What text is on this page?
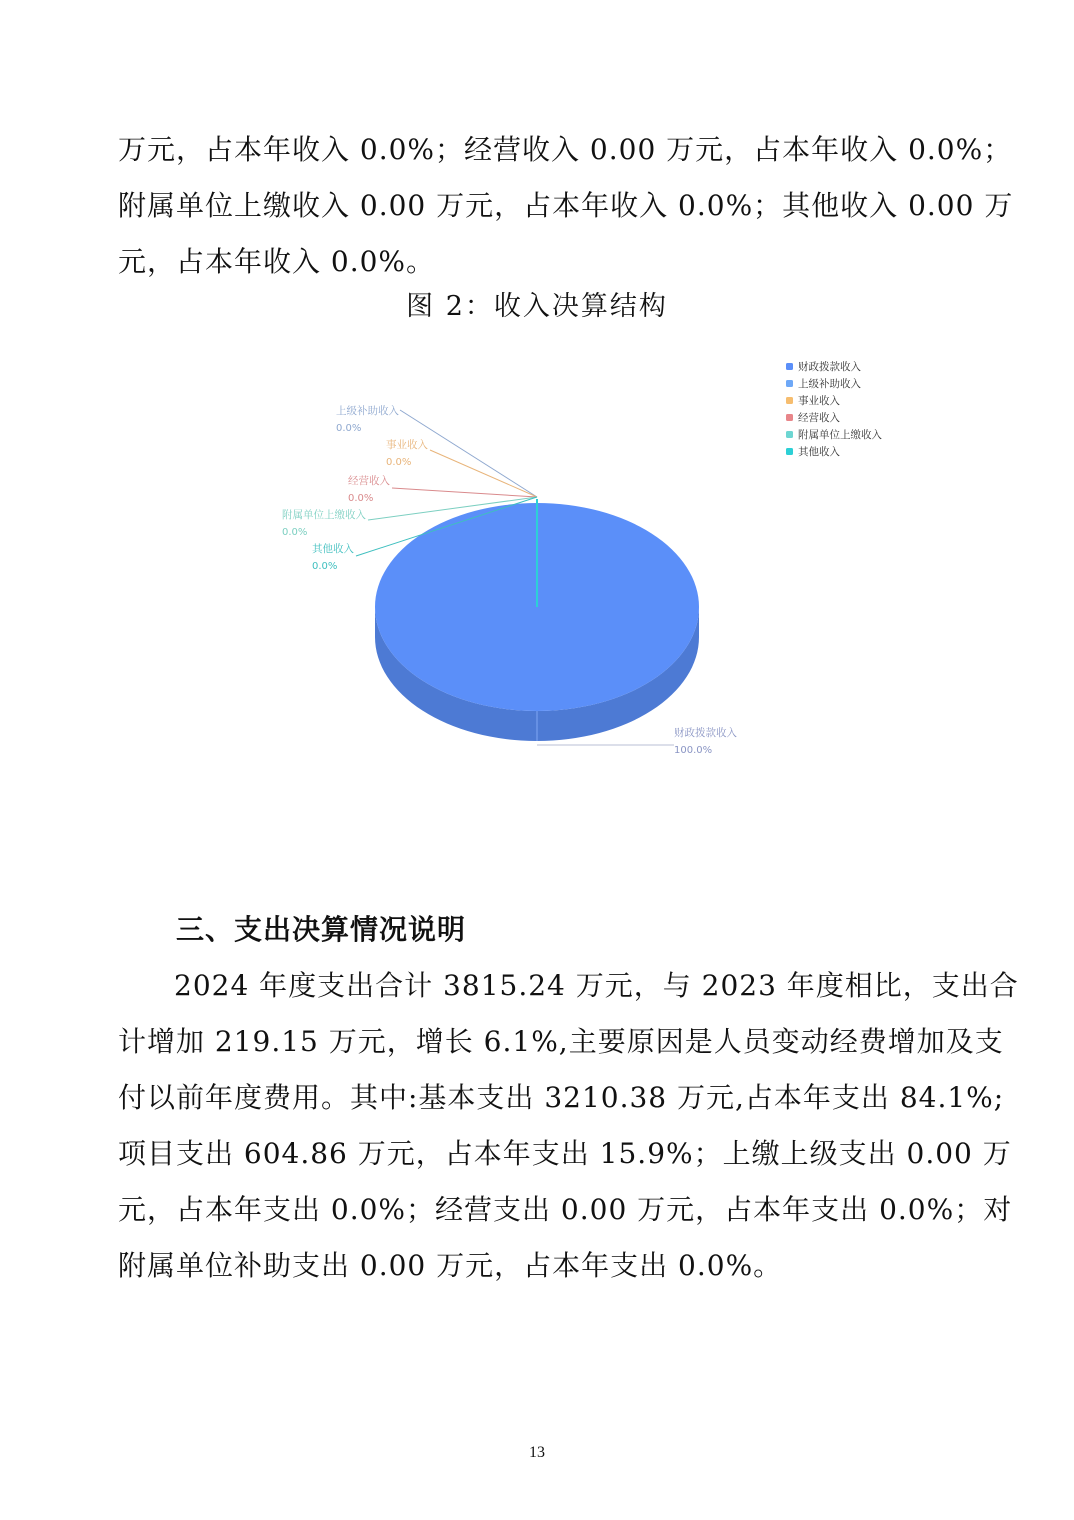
万元，占本年收入 0.0%；经营收入 0.00 万元，占本年收入 0.0%；
附属单位上缴收入 0.00 万元，占本年收入 0.0%；其他收入 0.00 万
元，占本年收入 0.0%。
图 2：收入决算结构
财政拨款收入
100.0%
上级补助收入
0.0%
事业收入
0.0%
经营收入
0.0%
附属单位上缴收入
0.0%
其他收入
0.0%
财政拨款收入
上级补助收入
事业收入
经营收入
附属单位上缴收入
其他收入
三、支出决算情况说明
2024 年度支出合计 3815.24 万元，与 2023 年度相比，支出合
计增加 219.15 万元，增长 6.1%,主要原因是人员变动经费增加及支
付以前年度费用。其中:基本支出 3210.38 万元,占本年支出 84.1%;
项目支出 604.86 万元，占本年支出 15.9%；上缴上级支出 0.00 万
元，占本年支出 0.0%；经营支出 0.00 万元，占本年支出 0.0%；对
附属单位补助支出 0.00 万元，占本年支出 0.0%。
13
